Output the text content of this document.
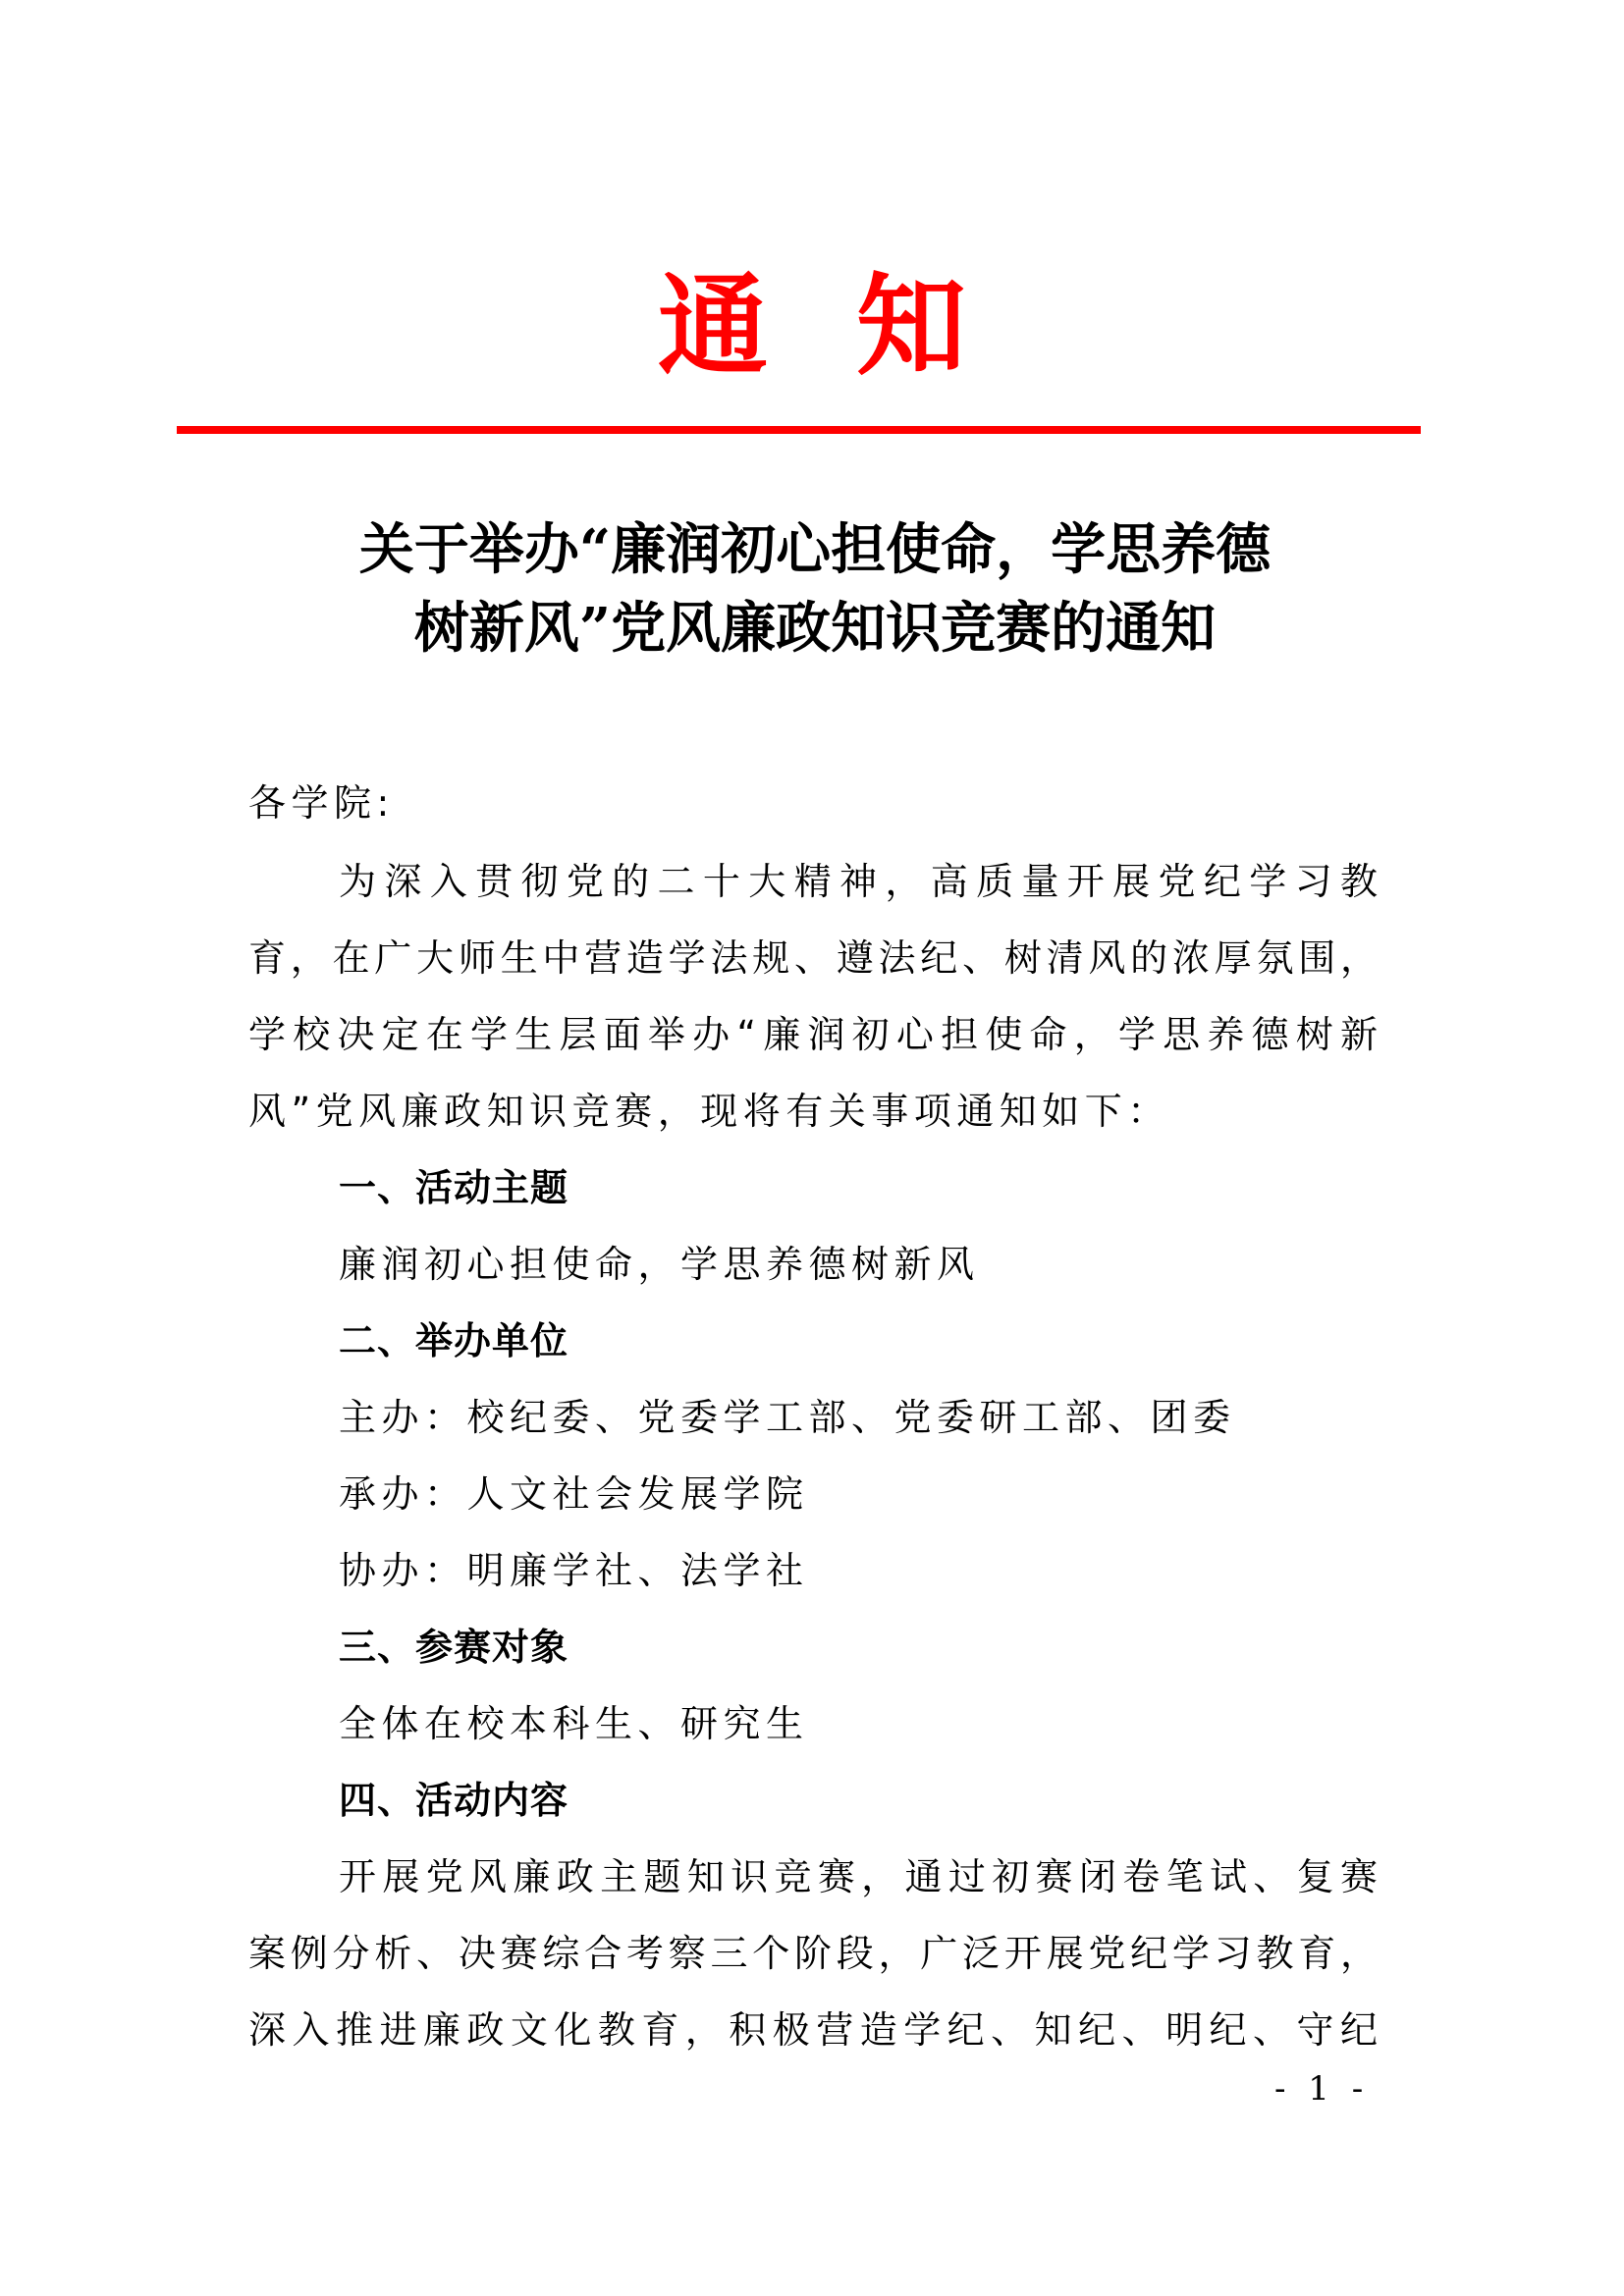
通知
关于举办“廉润初心担使命，学思养德
树新风”党风廉政知识竞赛的通知
各学院:
为深入贯彻党的二十大精神，高质量开展党纪学习教
育，在广大师生中营造学法规、遵法纪、树清风的浓厚氛围，
学校决定在学生层面举办“廉润初心担使命，学思养德树新
风”党风廉政知识竞赛，现将有关事项通知如下：
一、活动主题
廉润初心担使命，学思养德树新风
二、举办单位
主办：校纪委、党委学工部、党委研工部、团委
承办：人文社会发展学院
协办：明廉学社、法学社
三、参赛对象
全体在校本科生、研究生
四、活动内容
开展党风廉政主题知识竞赛，通过初赛闭卷笔试、复赛
案例分析、决赛综合考察三个阶段，广泛开展党纪学习教育，
深入推进廉政文化教育，积极营造学纪、知纪、明纪、守纪
- 1 -
